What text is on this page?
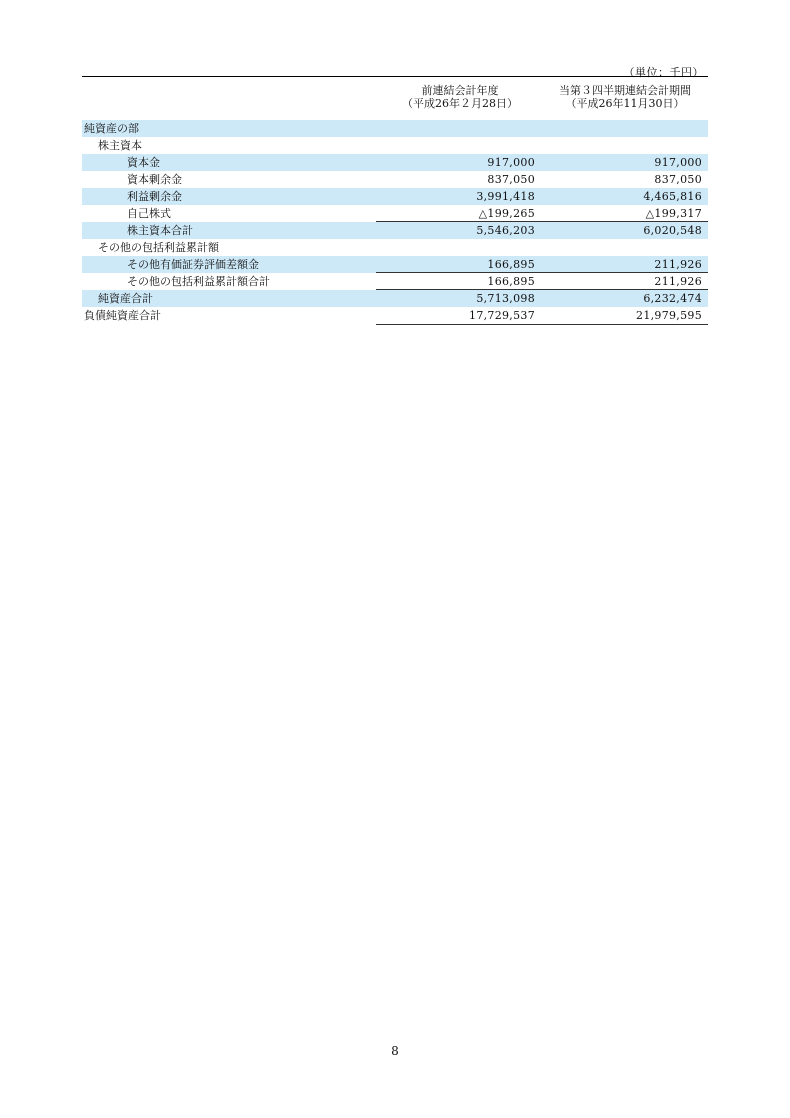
（単位：千円）
前連結会計年度
（平成26年２月28日）
当第３四半期連結会計期間
（平成26年11月30日）
純資産の部
株主資本
資本金	917,000	917,000
資本剰余金	837,050	837,050
利益剰余金	3,991,418	4,465,816
自己株式	△199,265	△199,317
株主資本合計	5,546,203	6,020,548
その他の包括利益累計額
その他有価証券評価差額金	166,895	211,926
その他の包括利益累計額合計	166,895	211,926
純資産合計	5,713,098	6,232,474
負債純資産合計	17,729,537	21,979,595
8
